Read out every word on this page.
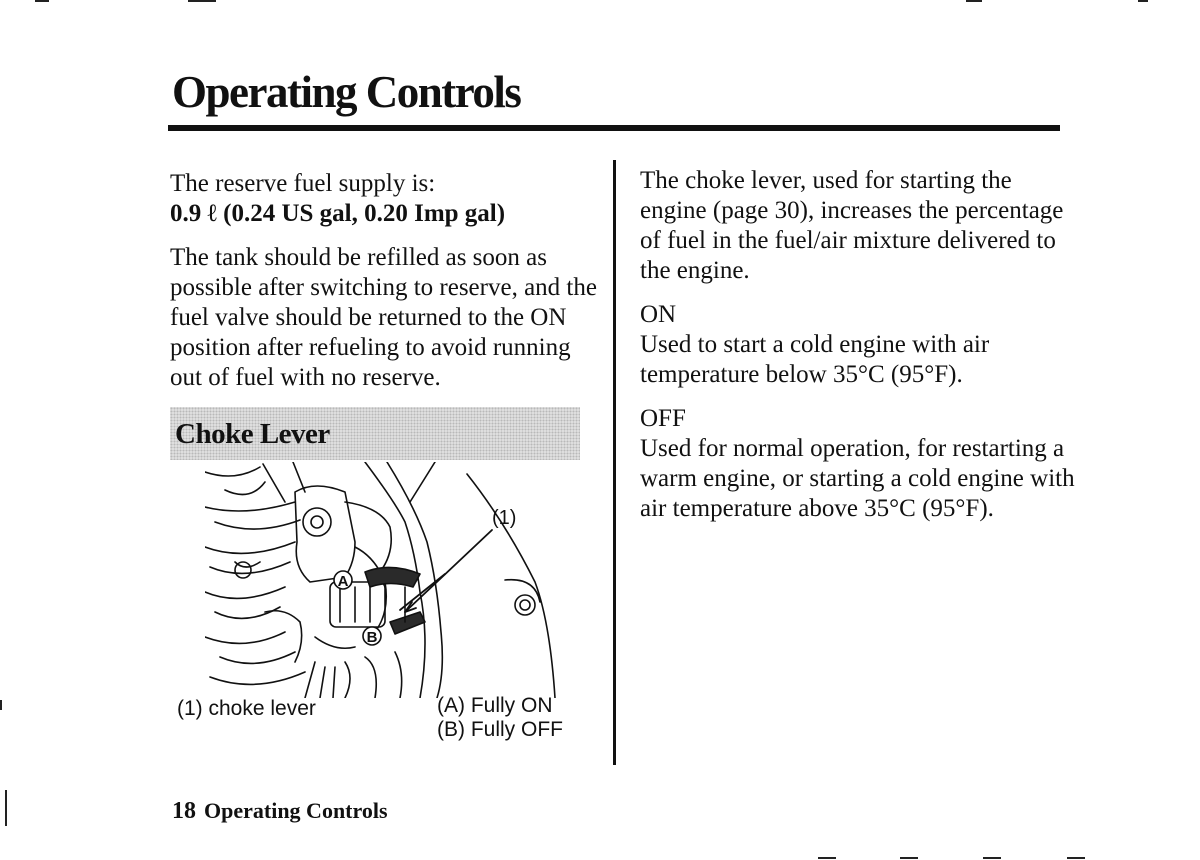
Operating Controls

The reserve fuel supply is:

0.9 ℓ (0.24 US gal, 0.20 Imp gal)

The tank should be refilled as soon as possible after switching to reserve, and the fuel valve should be returned to the ON position after refueling to avoid running out of fuel with no reserve.

Choke Lever
A
B
(1)
(1) choke lever	(A) Fully ON
(B) Fully OFF

The choke lever, used for starting the engine (page 30), increases the percentage of fuel in the fuel/air mixture delivered to the engine.

ON

Used to start a cold engine with air temperature below 35°C (95°F).

OFF

Used for normal operation, for restarting a warm engine, or starting a cold engine with air temperature above 35°C (95°F).

18 Operating Controls
